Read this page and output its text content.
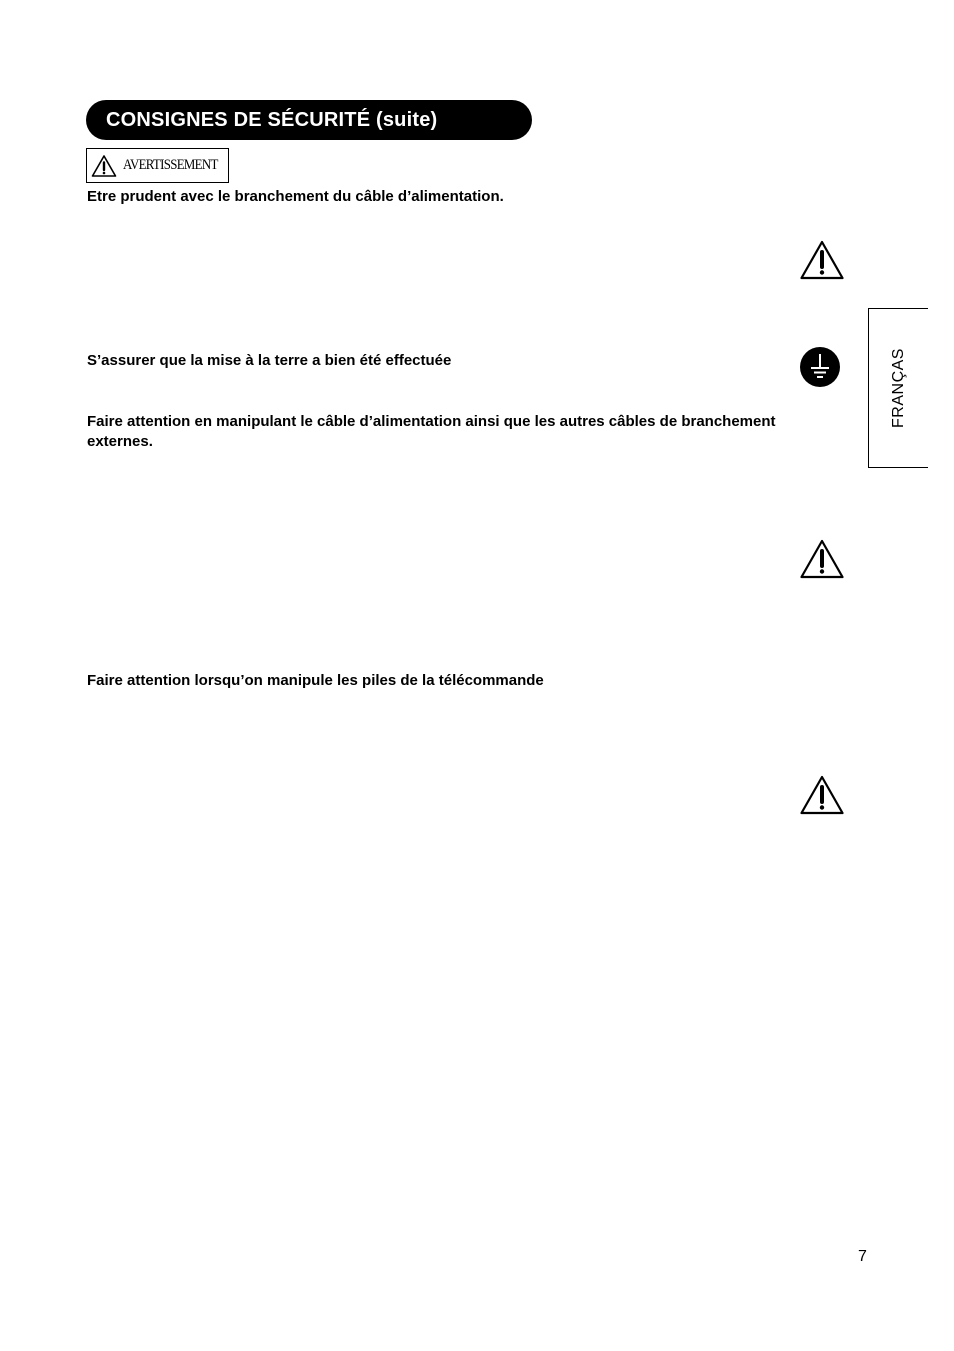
CONSIGNES DE SÉCURITÉ (suite)
AVERTISSEMENT

Etre prudent avec le branchement du câble d’alimentation.

S’assurer que la mise à la terre a bien été effectuée

Faire attention en manipulant le câble d’alimentation ainsi que les autres câbles de branchement externes.

Faire attention lorsqu’on manipule les piles de la télécommande

FRANÇAS
7
